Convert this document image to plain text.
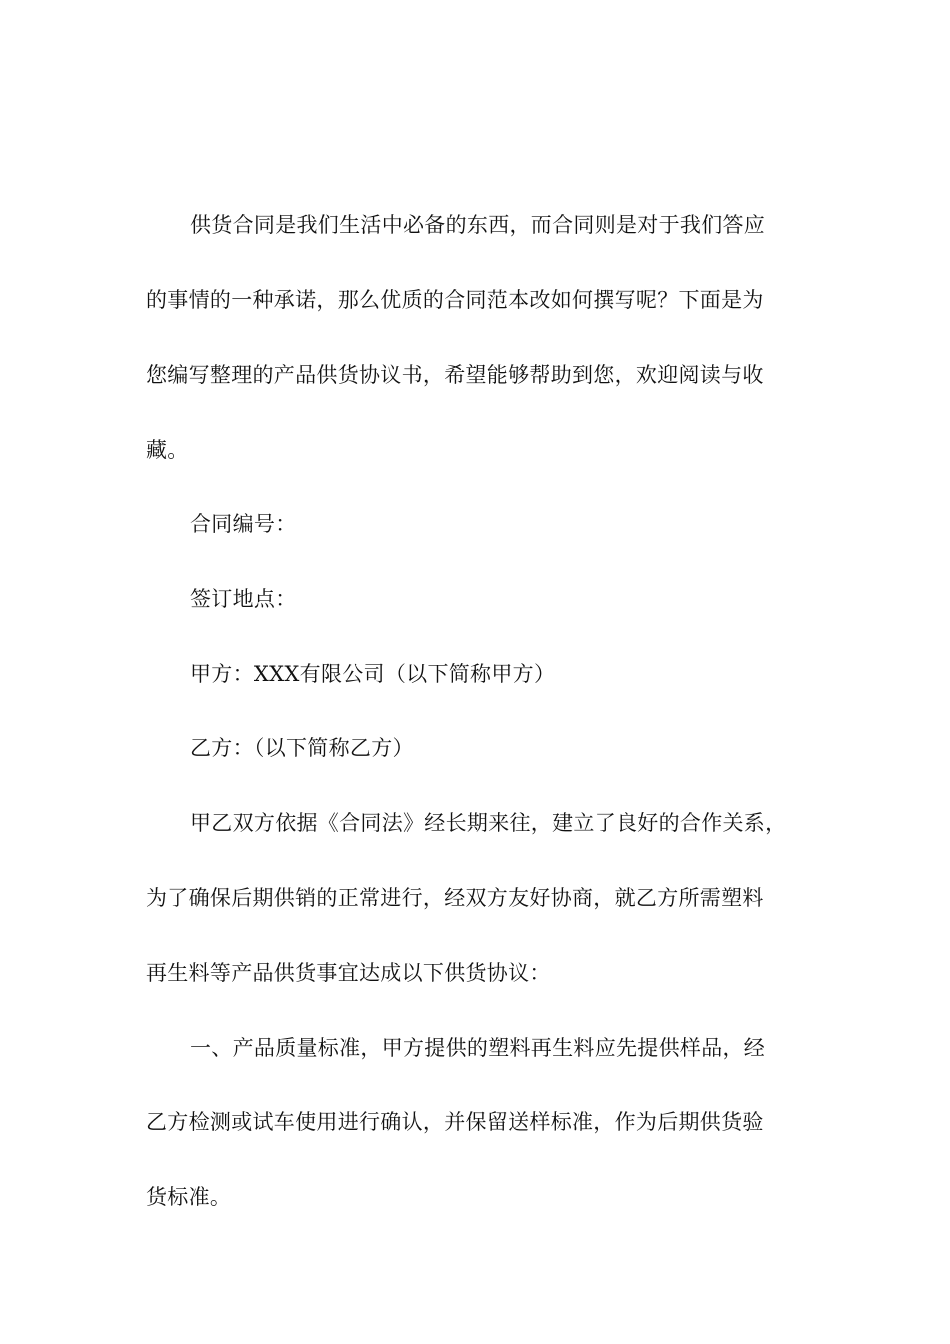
供货合同是我们生活中必备的东西，而合同则是对于我们答应
的事情的一种承诺，那么优质的合同范本改如何撰写呢？下面是为
您编写整理的产品供货协议书，希望能够帮助到您，欢迎阅读与收
藏。
合同编号：
签订地点：
甲方：XXX有限公司（以下简称甲方）
乙方：（以下简称乙方）
甲乙双方依据《合同法》经长期来往，建立了良好的合作关系，
为了确保后期供销的正常进行，经双方友好协商，就乙方所需塑料
再生料等产品供货事宜达成以下供货协议：
一、产品质量标准，甲方提供的塑料再生料应先提供样品，经
乙方检测或试车使用进行确认，并保留送样标准，作为后期供货验
货标准。
